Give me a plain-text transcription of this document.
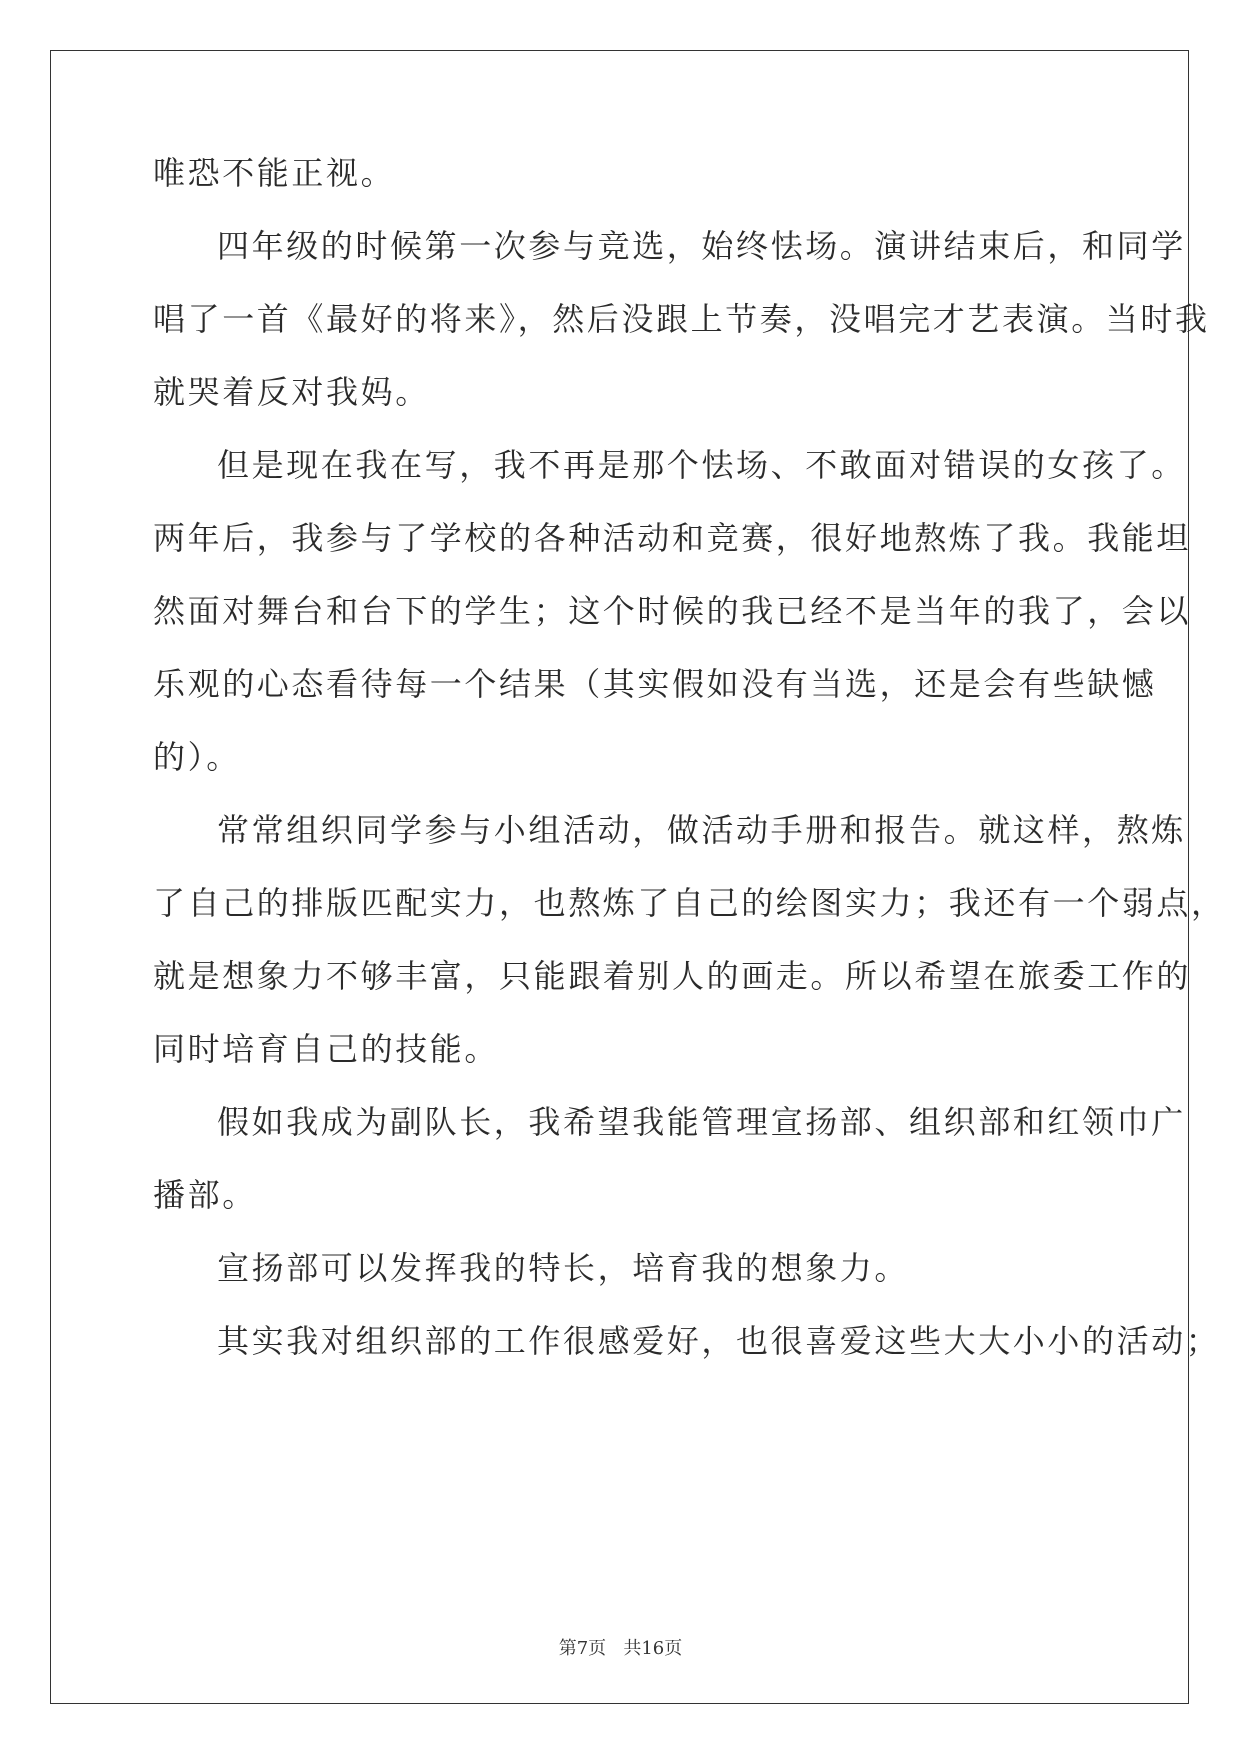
唯恐不能正视。
四年级的时候第一次参与竞选，始终怯场。演讲结束后，和同学
唱了一首《最好的将来》，然后没跟上节奏，没唱完才艺表演。当时我
就哭着反对我妈。
但是现在我在写，我不再是那个怯场、不敢面对错误的女孩了。
两年后，我参与了学校的各种活动和竞赛，很好地熬炼了我。我能坦
然面对舞台和台下的学生；这个时候的我已经不是当年的我了，会以
乐观的心态看待每一个结果（其实假如没有当选，还是会有些缺憾
的）。
常常组织同学参与小组活动，做活动手册和报告。就这样，熬炼
了自己的排版匹配实力，也熬炼了自己的绘图实力；我还有一个弱点，
就是想象力不够丰富，只能跟着别人的画走。所以希望在旅委工作的
同时培育自己的技能。
假如我成为副队长，我希望我能管理宣扬部、组织部和红领巾广
播部。
宣扬部可以发挥我的特长，培育我的想象力。
其实我对组织部的工作很感爱好，也很喜爱这些大大小小的活动；
第7页 共16页
